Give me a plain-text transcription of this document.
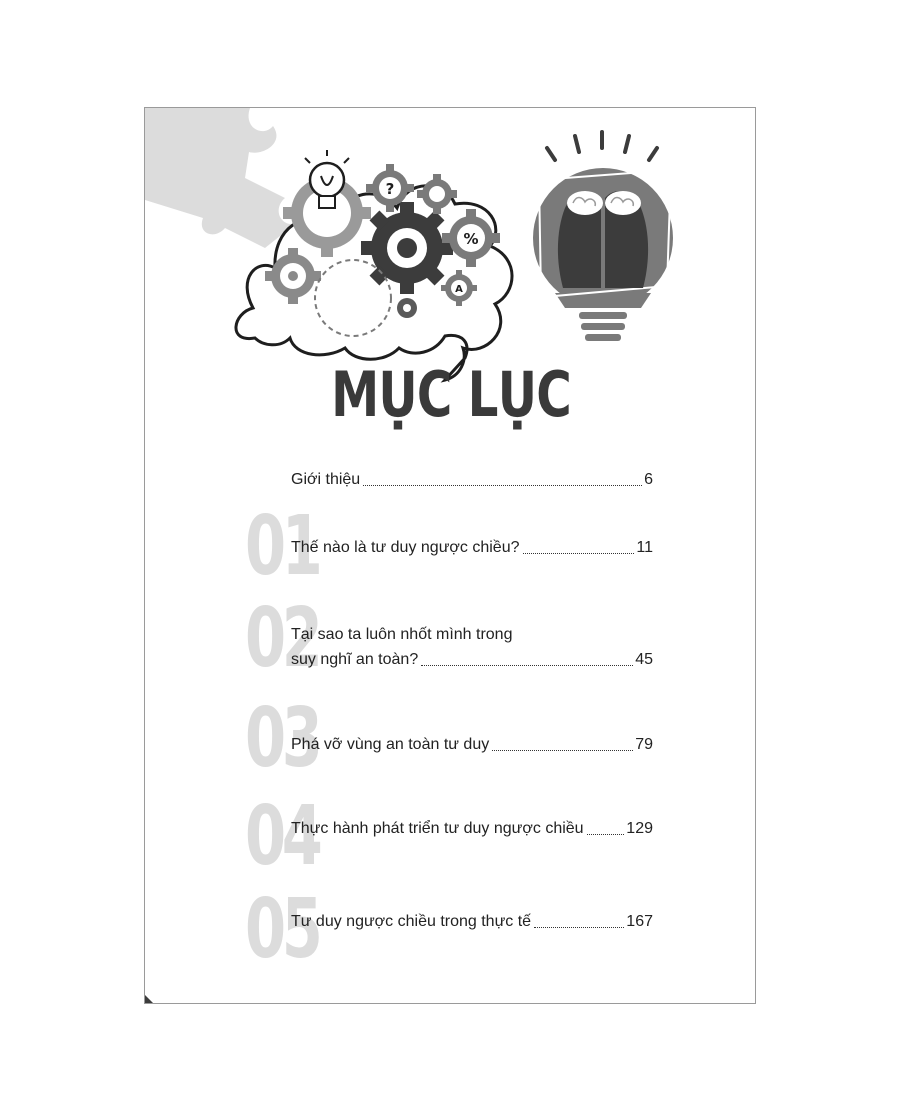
?
%
A
MỤC LỤC
01
02
03
04
05
Giới thiệu	6
Thế nào là tư duy ngược chiều?	11
Tại sao ta luôn nhốt mình trong
suy nghĩ an toàn?	45
Phá vỡ vùng an toàn tư duy	79
Thực hành phát triển tư duy ngược chiều	129
Tư duy ngược chiều trong thực tế	167
